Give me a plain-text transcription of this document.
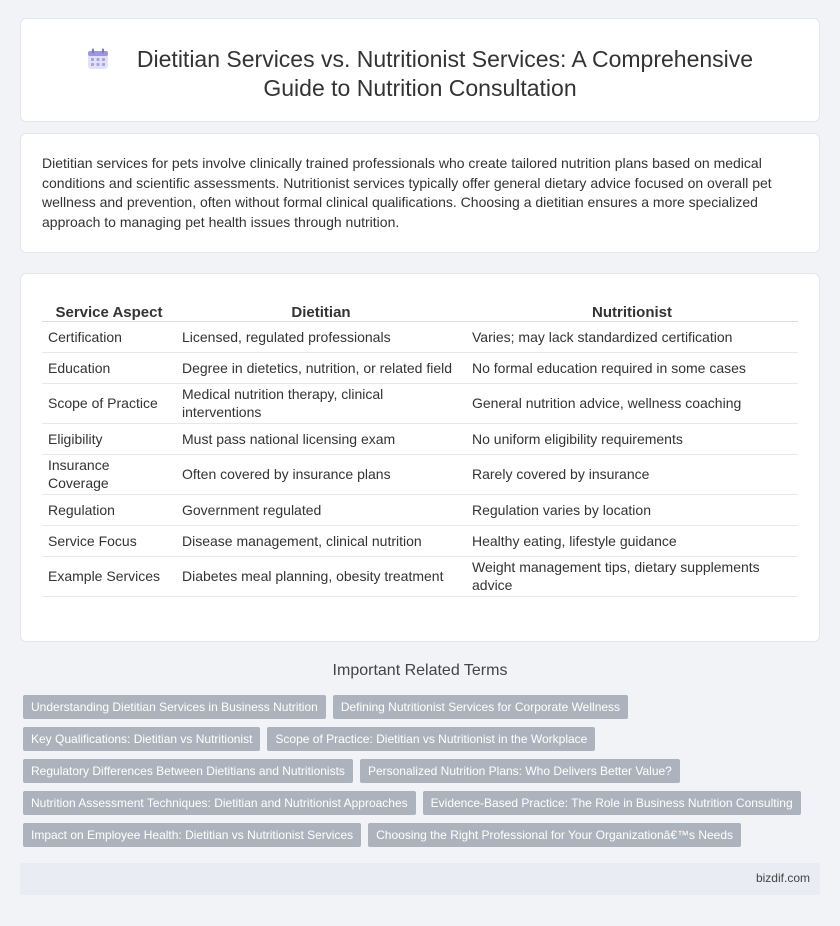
Dietitian Services vs. Nutritionist Services: A Comprehensive
Guide to Nutrition Consultation

Dietitian services for pets involve clinically trained professionals who create tailored nutrition plans based on medical conditions and scientific assessments. Nutritionist services typically offer general dietary advice focused on overall pet wellness and prevention, often without formal clinical qualifications. Choosing a dietitian ensures a more specialized approach to managing pet health issues through nutrition.

Service Aspect	Dietitian	Nutritionist
Certification	Licensed, regulated professionals	Varies; may lack standardized certification
Education	Degree in dietetics, nutrition, or related field	No formal education required in some cases
Scope of Practice	Medical nutrition therapy, clinical interventions	General nutrition advice, wellness coaching
Eligibility	Must pass national licensing exam	No uniform eligibility requirements
Insurance Coverage	Often covered by insurance plans	Rarely covered by insurance
Regulation	Government regulated	Regulation varies by location
Service Focus	Disease management, clinical nutrition	Healthy eating, lifestyle guidance
Example Services	Diabetes meal planning, obesity treatment	Weight management tips, dietary supplements advice
Important Related Terms
Understanding Dietitian Services in Business Nutrition Defining Nutritionist Services for Corporate Wellness
Key Qualifications: Dietitian vs Nutritionist Scope of Practice: Dietitian vs Nutritionist in the Workplace
Regulatory Differences Between Dietitians and Nutritionists Personalized Nutrition Plans: Who Delivers Better Value?
Nutrition Assessment Techniques: Dietitian and Nutritionist Approaches Evidence-Based Practice: The Role in Business Nutrition Consulting
Impact on Employee Health: Dietitian vs Nutritionist Services Choosing the Right Professional for Your Organizationâ€™s Needs
bizdif.com
